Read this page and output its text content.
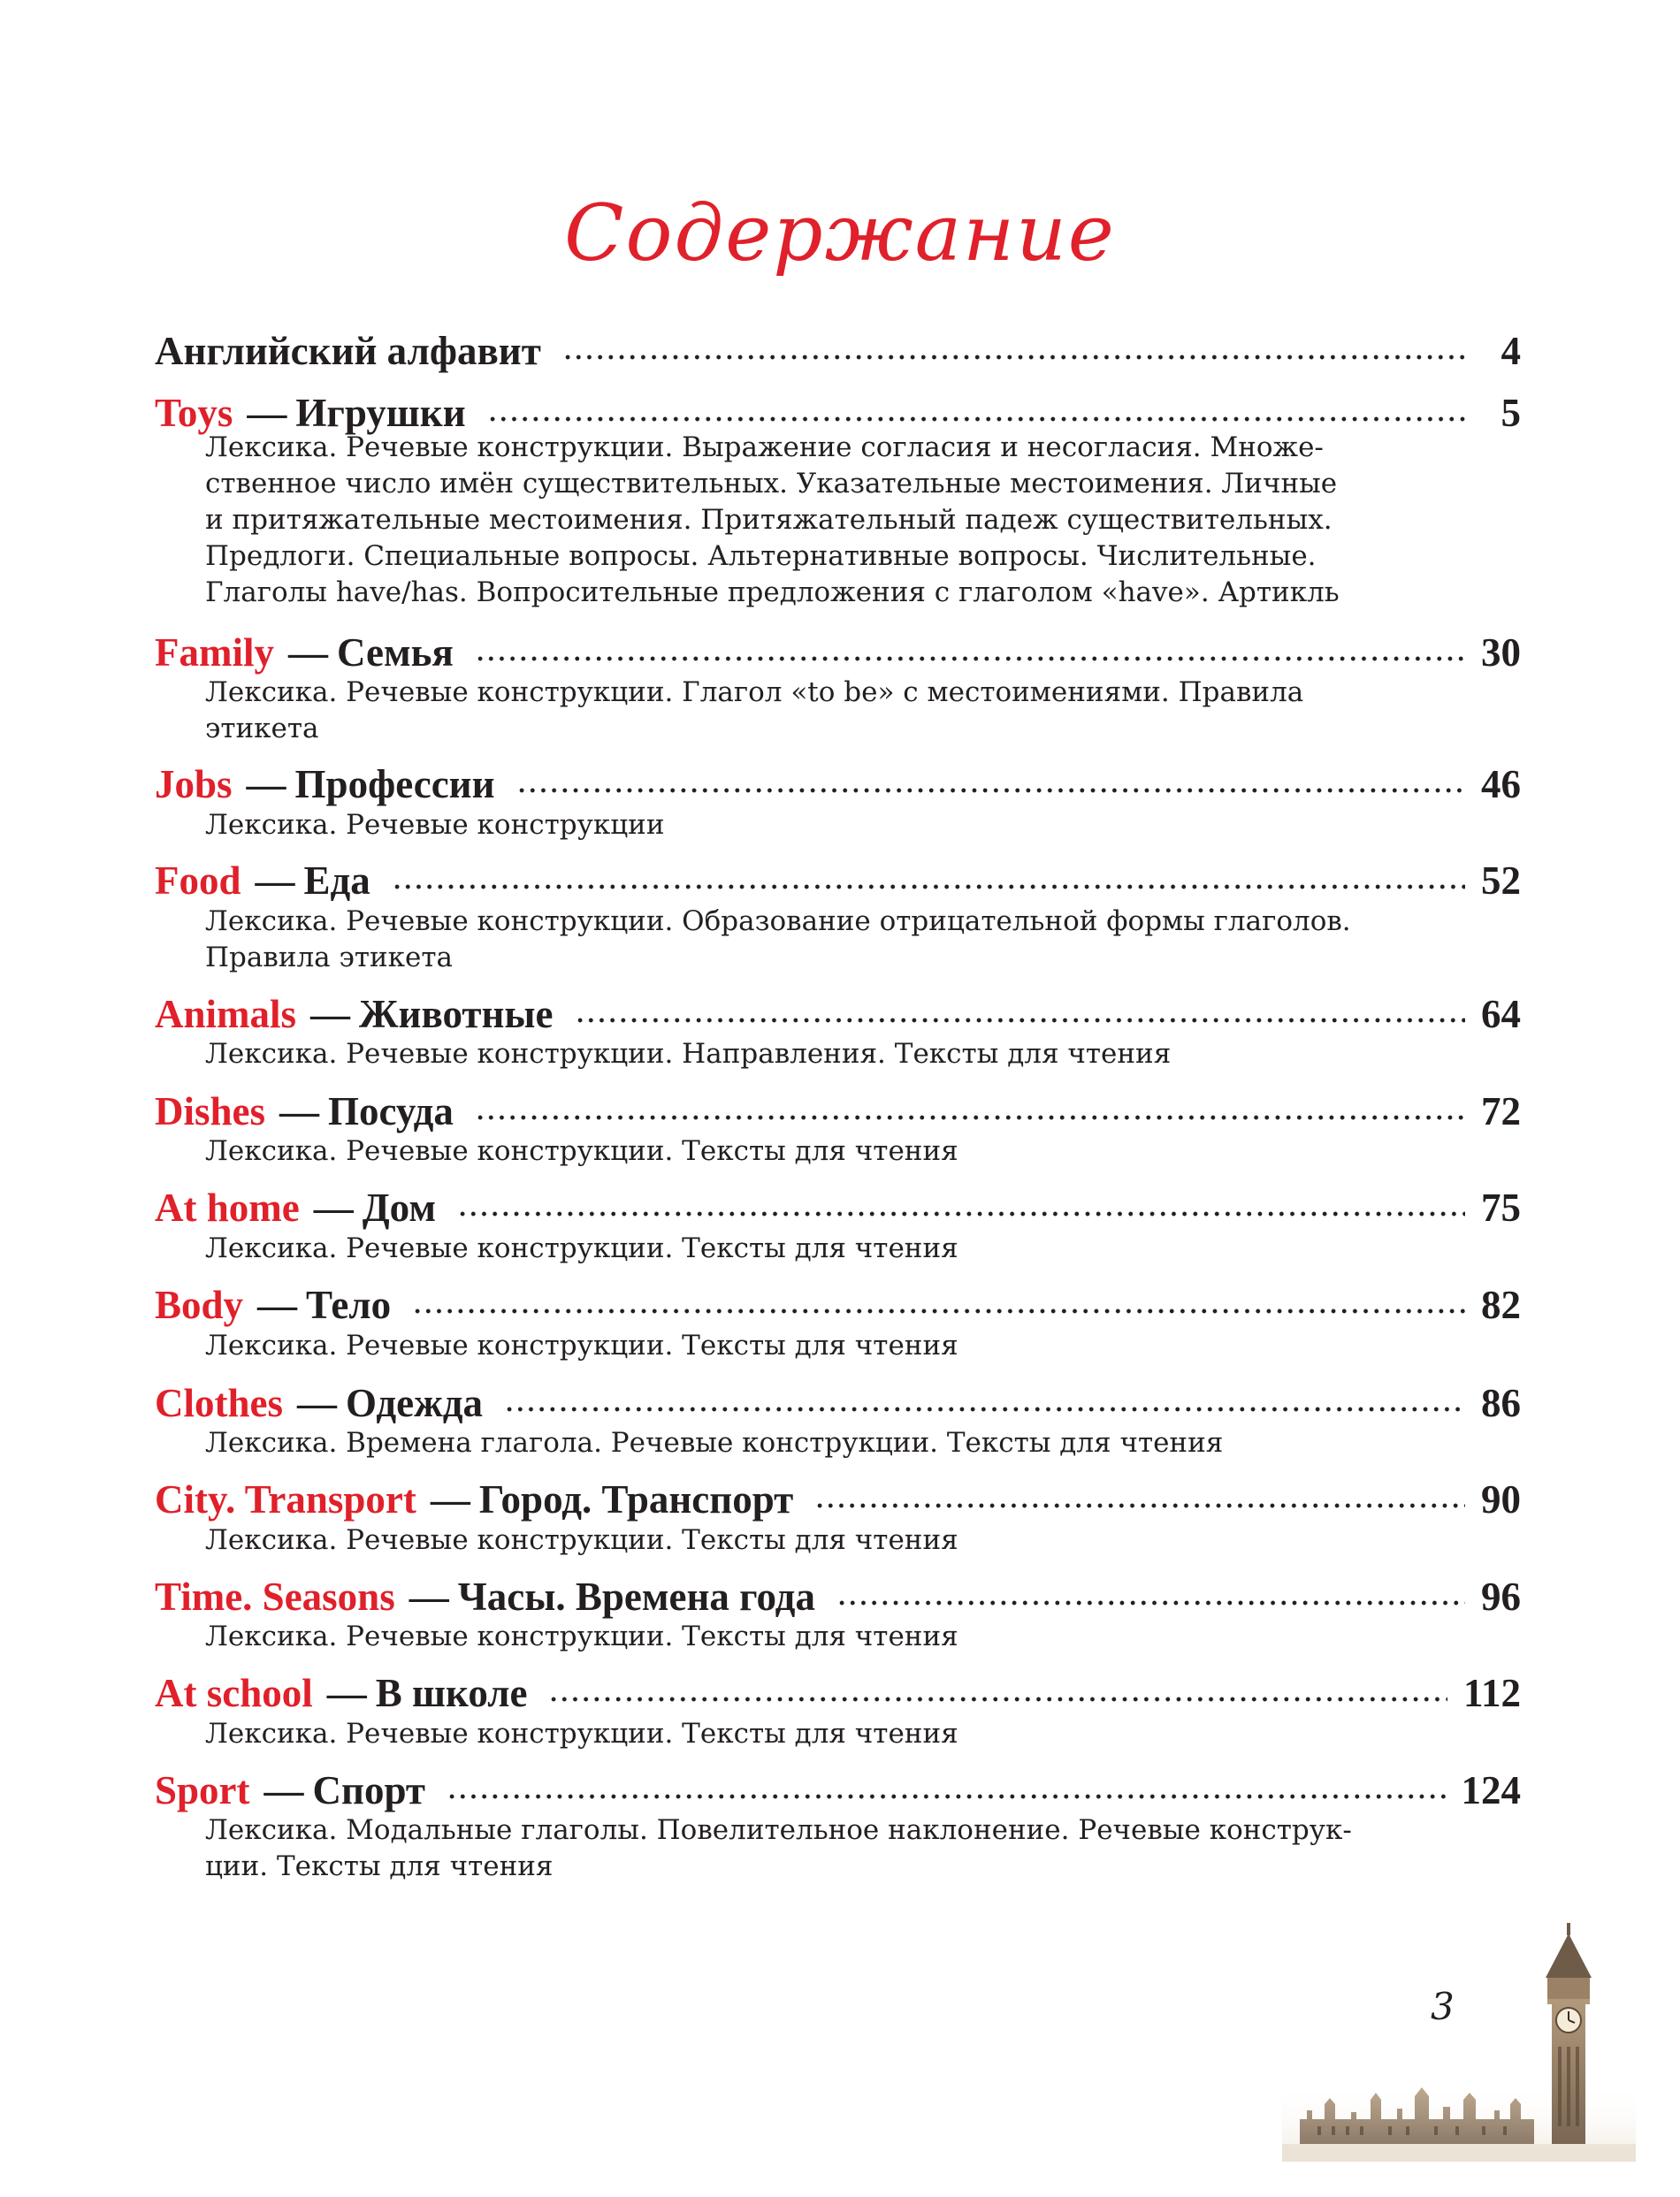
Содержание
Английский алфавит	4
Toys — Игрушки	5
Лексика. Речевые конструкции. Выражение согласия и несогласия. Множе-
ственное число имён существительных. Указательные местоимения. Личные
и притяжательные местоимения. Притяжательный падеж существительных.
Предлоги. Специальные вопросы. Альтернативные вопросы. Числительные.
Глаголы have/has. Вопросительные предложения с глаголом «have». Артикль
Family — Семья	30
Лексика. Речевые конструкции. Глагол «to be» с местоимениями. Правила
этикета
Jobs — Профессии	46
Лексика. Речевые конструкции
Food — Еда	52
Лексика. Речевые конструкции. Образование отрицательной формы глаголов.
Правила этикета
Animals — Животные	64
Лексика. Речевые конструкции. Направления. Тексты для чтения
Dishes — Посуда	72
Лексика. Речевые конструкции. Тексты для чтения
At home — Дом	75
Лексика. Речевые конструкции. Тексты для чтения
Body — Тело	82
Лексика. Речевые конструкции. Тексты для чтения
Clothes — Одежда	86
Лексика. Времена глагола. Речевые конструкции. Тексты для чтения
City. Transport — Город. Транспорт	90
Лексика. Речевые конструкции. Тексты для чтения
Time. Seasons — Часы. Времена года	96
Лексика. Речевые конструкции. Тексты для чтения
At school — В школе	112
Лексика. Речевые конструкции. Тексты для чтения
Sport — Спорт	124
Лексика. Модальные глаголы. Повелительное наклонение. Речевые конструк-
ции. Тексты для чтения
3
